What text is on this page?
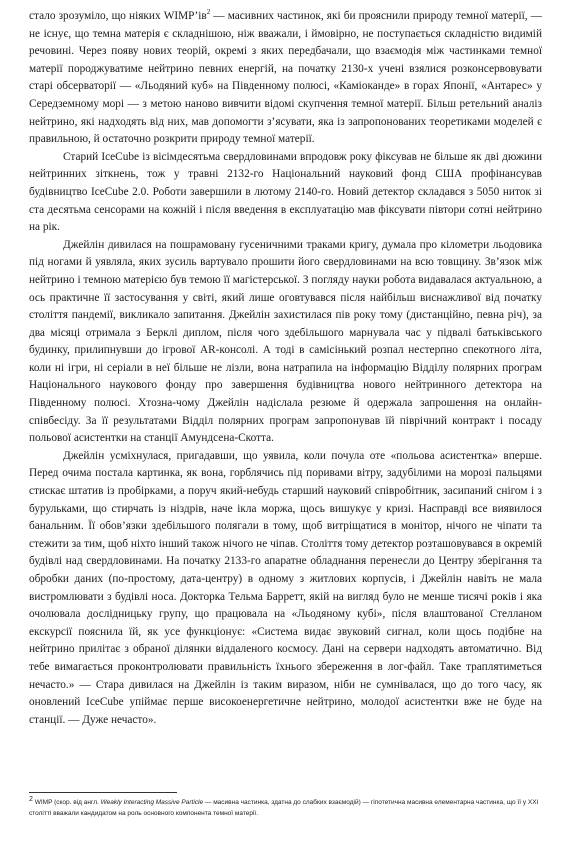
стало зрозуміло, що ніяких $WIMP’ів^2$ — масивних частинок, які би прояснили природу темної матерії, — не існує, що темна матерія є складнішою, ніж вважали, і ймовірно, не поступається складністю видимій речовині. Через появу нових теорій, окремі з яких передбачали, що взаємодія між частинками темної матерії породжуватиме нейтрино певних енергій, на початку 2130-х учені взялися розконсервовувати старі обсерваторії — «Льодяний куб» на Південному полюсі, «Каміоканде» в горах Японії, «Антарес» у Середземному морі — з метою наново вивчити відомі скупчення темної матерії. Більш ретельний аналіз нейтрино, які надходять від них, мав допомогти з’ясувати, яка із запропонованих теоретиками моделей є правильною, й остаточно розкрити природу темної матерії.

Старий IceCube із вісімдесятьма свердловинами впродовж року фіксував не більше як дві дюжини нейтринних зіткнень, тож у травні 2132-го Національний науковий фонд США профінансував будівництво IceCube 2.0. Роботи завершили в лютому 2140-го. Новий детектор складався з 5050 ниток зі ста десятьма сенсорами на кожній і після введення в експлуатацію мав фіксувати півтори сотні нейтрино на рік.

Джейлін дивилася на пошрамовану гусеничними траками кригу, думала про кілометри льодовика під ногами й уявляла, яких зусиль вартувало прошити його свердловинами на всю товщину. Зв’язок між нейтрино і темною матерією був темою її магістерської. З погляду науки робота видавалася актуальною, а ось практичне її застосування у світі, який лише оговтувався після найбільш виснажливої від початку століття пандемії, викликало запитання. Джейлін захистилася пів року тому (дистанційно, певна річ), за два місяці отримала з Берклі диплом, після чого здебільшого марнувала час у підвалі батьківського будинку, прилипнувши до ігрової AR-консолі. А тоді в самісінький розпал нестерпно спекотного літа, коли ні ігри, ні серіали в неї більше не лізли, вона натрапила на інформацію Відділу полярних програм Національного наукового фонду про завершення будівництва нового нейтринного детектора на Південному полюсі. Хтозна-чому Джейлін надіслала резюме й одержала запрошення на онлайн-співбесіду. За її результатами Відділ полярних програм запропонував їй піврічний контракт і посаду польової асистентки на станції Амундсена-Скотта.

Джейлін усміхнулася, пригадавши, що уявила, коли почула оте «польова асистентка» вперше. Перед очима постала картинка, як вона, горблячись під поривами вітру, задубілими на морозі пальцями стискає штатив із пробірками, а поруч який-небудь старший науковий співробітник, засипаний снігом і з бурульками, що стирчать із ніздрів, наче ікла моржа, щось вишукує у кризі. Насправді все виявилося банальним. Її обов’язки здебільшого полягали в тому, щоб витріщатися в монітор, нічого не чіпати та стежити за тим, щоб ніхто інший також нічого не чіпав. Століття тому детектор розташовувався в окремій будівлі над свердловинами. На початку 2133-го апаратне обладнання перенесли до Центру зберігання та обробки даних (по-простому, дата-центру) в одному з житлових корпусів, і Джейлін навіть не мала вистромлювати з будівлі носа. Докторка Тельма Барретт, якій на вигляд було не менше тисячі років і яка очолювала дослідницьку групу, що працювала на «Льодяному кубі», після влаштованої Стелланом екскурсії пояснила їй, як усе функціонує: «Система видає звуковий сигнал, коли щось подібне на нейтрино прилітає з обраної ділянки віддаленого космосу. Дані на сервери надходять автоматично. Від тебе вимагається проконтролювати правильність їхнього збереження в лог-файл. Таке траплятиметься нечасто.» — Стара дивилася на Джейлін із таким виразом, ніби не сумнівалася, що до того часу, як оновлений IceCube упіймає перше високоенергетичне нейтрино, молодої асистентки вже не буде на станції. — Дуже нечасто».

$^2$ WIMP (скор. від англ. Weakly Interacting Massive Particle — масивна частинка, здатна до слабких взаємодій) — гіпотетична масивна елементарна частинка, що її у XXI столітті вважали кандидатом на роль основного компонента темної матерії.
